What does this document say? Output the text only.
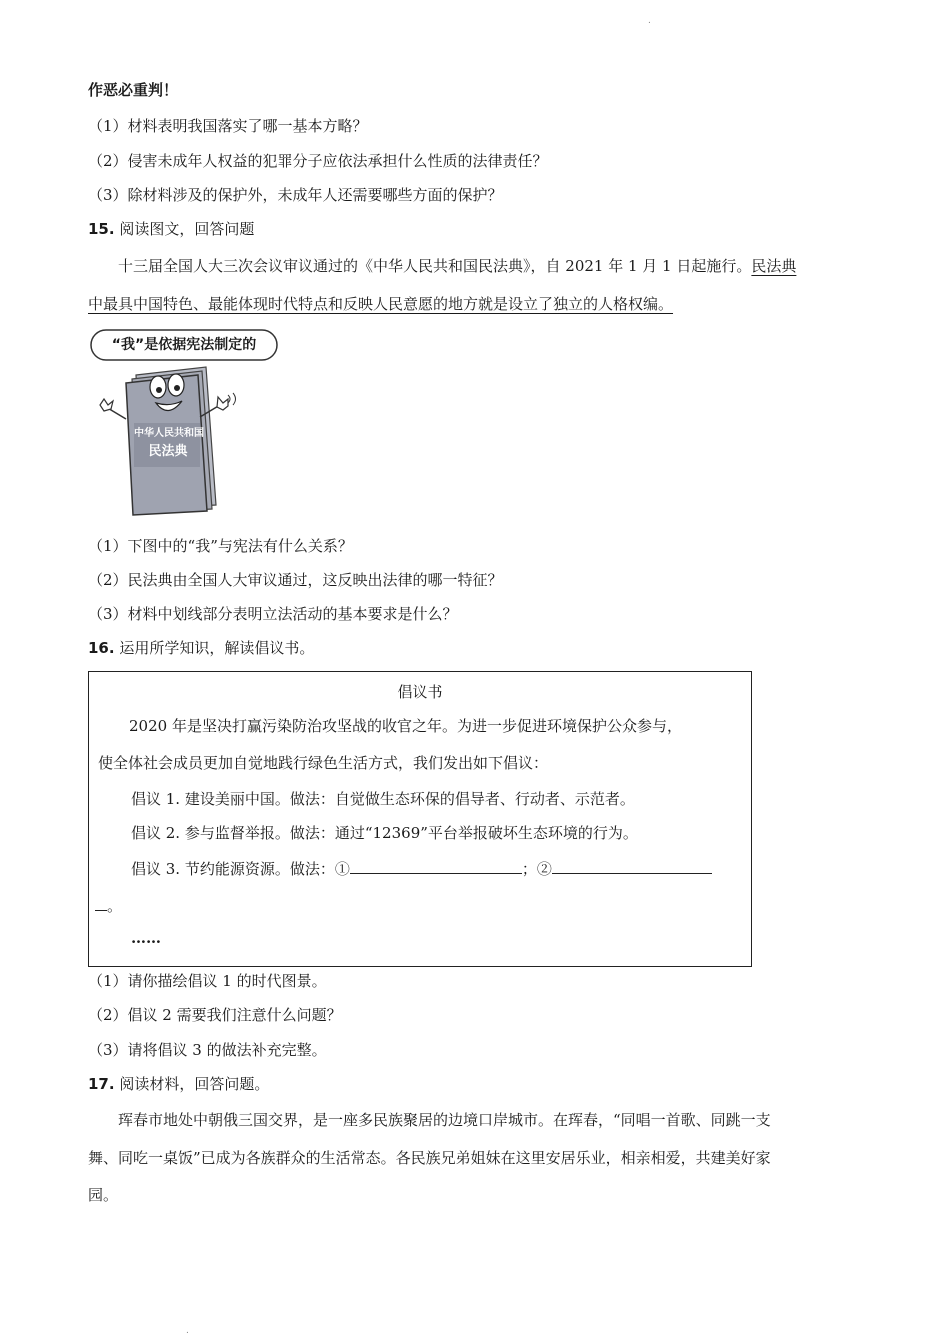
.
.
作恶必重判！
（1）材料表明我国落实了哪一基本方略？
（2）侵害未成年人权益的犯罪分子应依法承担什么性质的法律责任？
（3）除材料涉及的保护外，未成年人还需要哪些方面的保护？
15. 阅读图文，回答问题
十三届全国人大三次会议审议通过的《中华人民共和国民法典》，自 2021 年 1 月 1 日起施行。民法典
中最具中国特色、最能体现时代特点和反映人民意愿的地方就是设立了独立的人格权编。
“我”是依据宪法制定的
中华人民共和国
民法典
（1）下图中的“我”与宪法有什么关系？
（2）民法典由全国人大审议通过，这反映出法律的哪一特征？
（3）材料中划线部分表明立法活动的基本要求是什么？
16. 运用所学知识，解读倡议书。
倡议书
2020 年是坚决打赢污染防治攻坚战的收官之年。为进一步促进环境保护公众参与，
使全体社会成员更加自觉地践行绿色生活方式，我们发出如下倡议：
倡议 1. 建设美丽中国。做法：自觉做生态环保的倡导者、行动者、示范者。
倡议 2. 参与监督举报。做法：通过“12369”平台举报破坏生态环境的行为。
倡议 3. 节约能源资源。做法：①	；②
。
……
（1）请你描绘倡议 1 的时代图景。
（2）倡议 2 需要我们注意什么问题？
（3）请将倡议 3 的做法补充完整。
17. 阅读材料，回答问题。
珲春市地处中朝俄三国交界，是一座多民族聚居的边境口岸城市。在珲春，“同唱一首歌、同跳一支
舞、同吃一桌饭”已成为各族群众的生活常态。各民族兄弟姐妹在这里安居乐业，相亲相爱，共建美好家
园。
